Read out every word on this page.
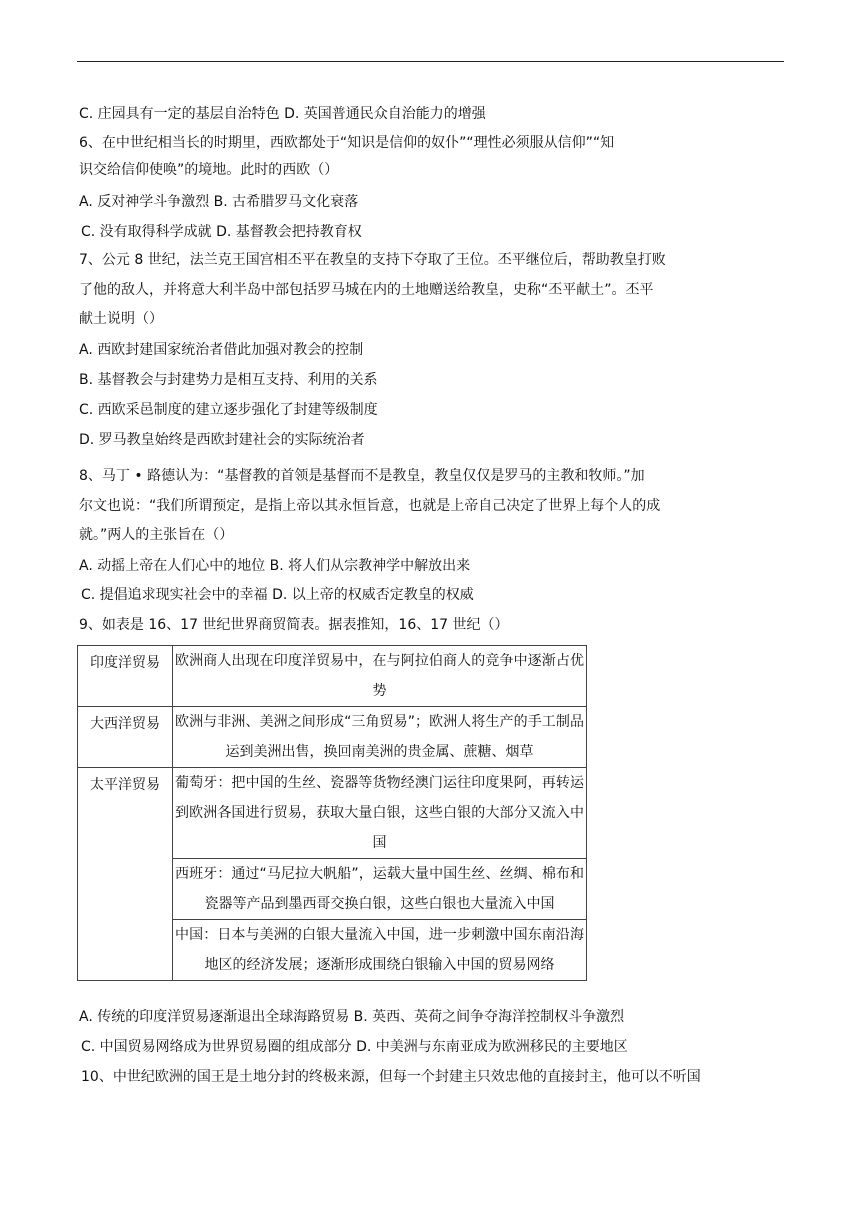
C. 庄园具有一定的基层自治特色 D. 英国普通民众自治能力的增强
6、在中世纪相当长的时期里，西欧都处于“知识是信仰的奴仆”“理性必须服从信仰”“知
识交给信仰使唤”的境地。此时的西欧（）
A. 反对神学斗争激烈 B. 古希腊罗马文化衰落
C. 没有取得科学成就 D. 基督教会把持教育权
7、公元 8 世纪，法兰克王国宫相丕平在教皇的支持下夺取了王位。丕平继位后，帮助教皇打败
了他的敌人，并将意大利半岛中部包括罗马城在内的土地赠送给教皇，史称“丕平献土”。丕平
献土说明（）
A. 西欧封建国家统治者借此加强对教会的控制
B. 基督教会与封建势力是相互支持、利用的关系
C. 西欧采邑制度的建立逐步强化了封建等级制度
D. 罗马教皇始终是西欧封建社会的实际统治者
8、马丁 • 路德认为：“基督教的首领是基督而不是教皇，教皇仅仅是罗马的主教和牧师。”加
尔文也说：“我们所谓预定，是指上帝以其永恒旨意，也就是上帝自己决定了世界上每个人的成
就。”两人的主张旨在（）
A. 动摇上帝在人们心中的地位 B. 将人们从宗教神学中解放出来
C. 提倡追求现实社会中的幸福 D. 以上帝的权威否定教皇的权威
9、如表是 16、17 世纪世界商贸简表。据表推知，16、17 世纪（）
印度洋贸易	欧洲商人出现在印度洋贸易中，在与阿拉伯商人的竞争中逐渐占优势
大西洋贸易	欧洲与非洲、美洲之间形成“三角贸易”；欧洲人将生产的手工制品运到美洲出售，换回南美洲的贵金属、蔗糖、烟草
太平洋贸易	葡萄牙：把中国的生丝、瓷器等货物经澳门运往印度果阿，再转运到欧洲各国进行贸易，获取大量白银，这些白银的大部分又流入中国
	西班牙：通过“马尼拉大帆船”，运载大量中国生丝、丝绸、棉布和瓷器等产品到墨西哥交换白银，这些白银也大量流入中国
	中国：日本与美洲的白银大量流入中国，进一步刺激中国东南沿海地区的经济发展；逐渐形成围绕白银输入中国的贸易网络
A. 传统的印度洋贸易逐渐退出全球海路贸易 B. 英西、英荷之间争夺海洋控制权斗争激烈
C. 中国贸易网络成为世界贸易圈的组成部分 D. 中美洲与东南亚成为欧洲移民的主要地区
10、中世纪欧洲的国王是土地分封的终极来源，但每一个封建主只效忠他的直接封主，他可以不听国
